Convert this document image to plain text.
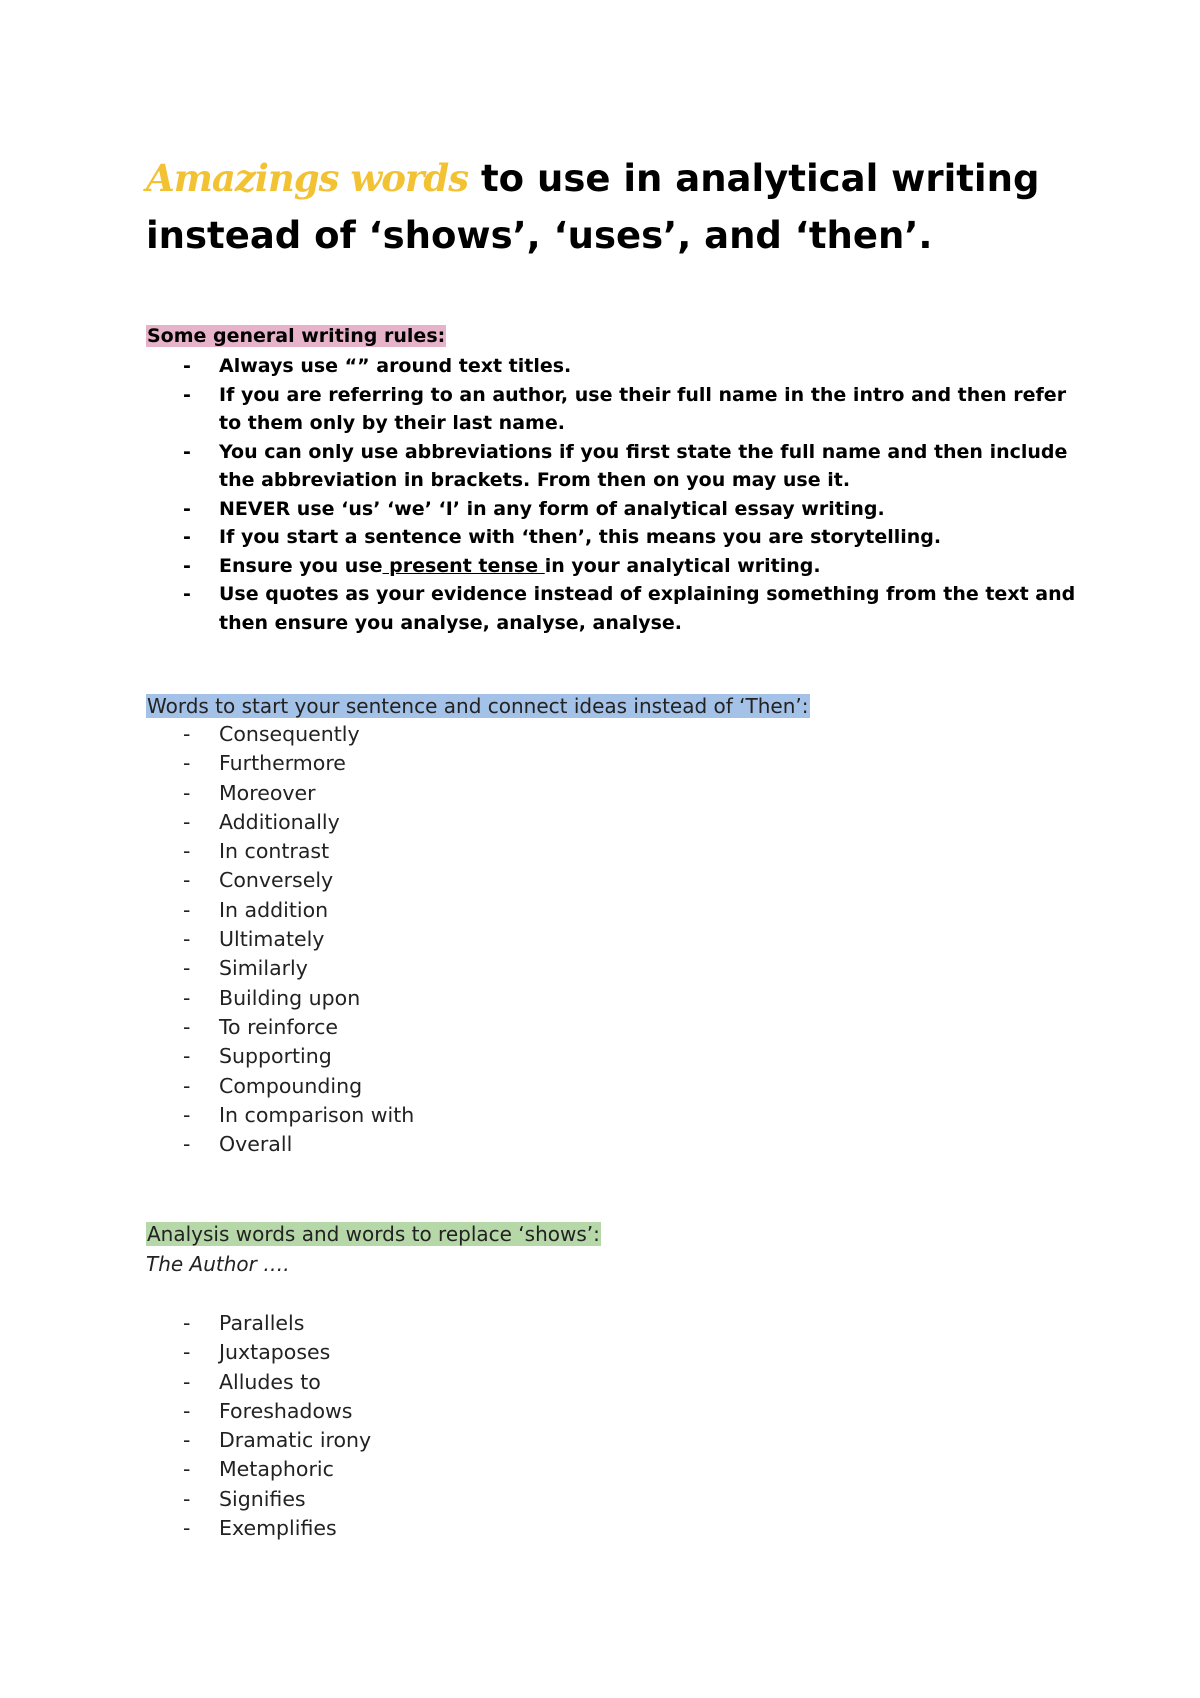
Amazings words to use in analytical writing instead of ‘shows’, ‘uses’, and ‘then’.
Some general writing rules:
- Always use “” around text titles.
- If you are referring to an author, use their full name in the intro and then refer to them only by their last name.
- You can only use abbreviations if you first state the full name and then include the abbreviation in brackets. From then on you may use it.
- NEVER use ‘us’ ‘we’ ‘I’ in any form of analytical essay writing.
- If you start a sentence with ‘then’, this means you are storytelling.
- Ensure you use present tense in your analytical writing.
- Use quotes as your evidence instead of explaining something from the text and then ensure you analyse, analyse, analyse.
Words to start your sentence and connect ideas instead of ‘Then’:
- Consequently
- Furthermore
- Moreover
- Additionally
- In contrast
- Conversely
- In addition
- Ultimately
- Similarly
- Building upon
- To reinforce
- Supporting
- Compounding
- In comparison with
- Overall
Analysis words and words to replace ‘shows’:
The Author ….
- Parallels
- Juxtaposes
- Alludes to
- Foreshadows
- Dramatic irony
- Metaphoric
- Signifies
- Exemplifies
